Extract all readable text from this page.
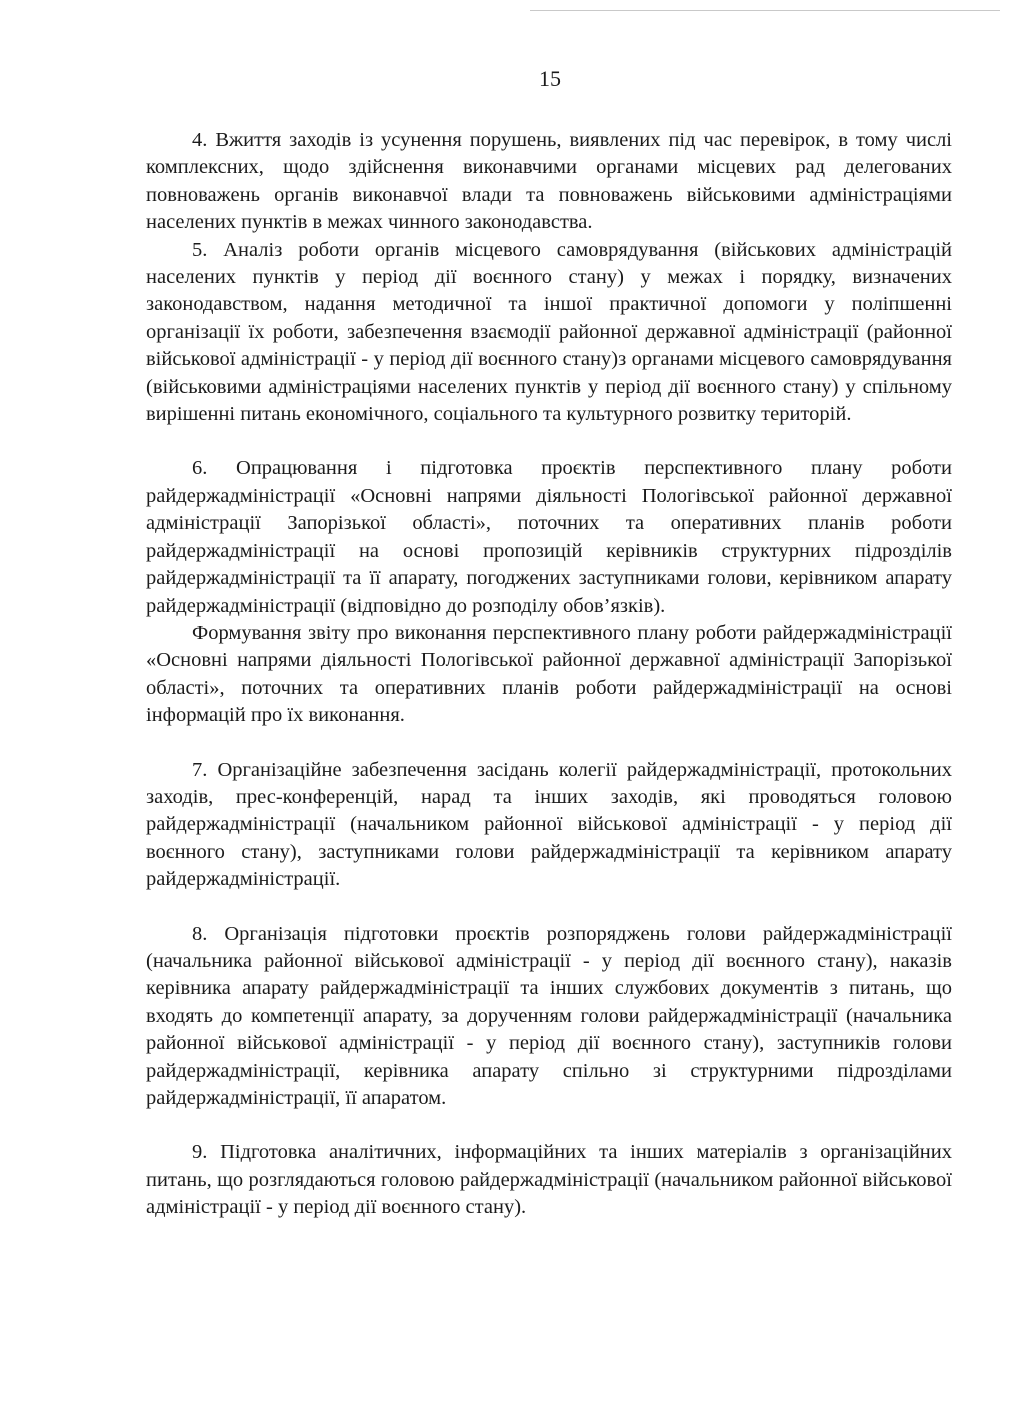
15

4. Вжиття заходів із усунення порушень, виявлених під час перевірок, в тому числі комплексних, щодо здійснення виконавчими органами місцевих рад делегованих повноважень органів виконавчої влади та повноважень військовими адміністраціями населених пунктів в межах чинного законодавства.

5. Аналіз роботи органів місцевого самоврядування (військових адміністрацій населених пунктів у період дії воєнного стану) у межах і порядку, визначених законодавством, надання методичної та іншої практичної допомоги у поліпшенні організації їх роботи, забезпечення взаємодії районної державної адміністрації (районної військової адміністрації - у період дії воєнного стану)з органами місцевого самоврядування (військовими адміністраціями населених пунктів у період дії воєнного стану) у спільному вирішенні питань економічного, соціального та культурного розвитку територій.

6. Опрацювання і підготовка проєктів перспективного плану роботи райдержадміністрації «Основні напрями діяльності Пологівської районної державної адміністрації Запорізької області», поточних та оперативних планів роботи райдержадміністрації на основі пропозицій керівників структурних підрозділів райдержадміністрації та її апарату, погоджених заступниками голови, керівником апарату райдержадміністрації (відповідно до розподілу обов’язків).

Формування звіту про виконання перспективного плану роботи райдержадміністрації «Основні напрями діяльності Пологівської районної державної адміністрації Запорізької області», поточних та оперативних планів роботи райдержадміністрації на основі інформацій про їх виконання.

7. Організаційне забезпечення засідань колегії райдержадміністрації, протокольних заходів, прес-конференцій, нарад та інших заходів, які проводяться головою райдержадміністрації (начальником районної військової адміністрації - у період дії воєнного стану), заступниками голови райдержадміністрації та керівником апарату райдержадміністрації.

8. Організація підготовки проєктів розпоряджень голови райдержадміністрації (начальника районної військової адміністрації - у період дії воєнного стану), наказів керівника апарату райдержадміністрації та інших службових документів з питань, що входять до компетенції апарату, за дорученням голови райдержадміністрації (начальника районної військової адміністрації - у період дії воєнного стану), заступників голови райдержадміністрації, керівника апарату спільно зі структурними підрозділами райдержадміністрації, її апаратом.

9. Підготовка аналітичних, інформаційних та інших матеріалів з організаційних питань, що розглядаються головою райдержадміністрації (начальником районної військової адміністрації - у період дії воєнного стану).
